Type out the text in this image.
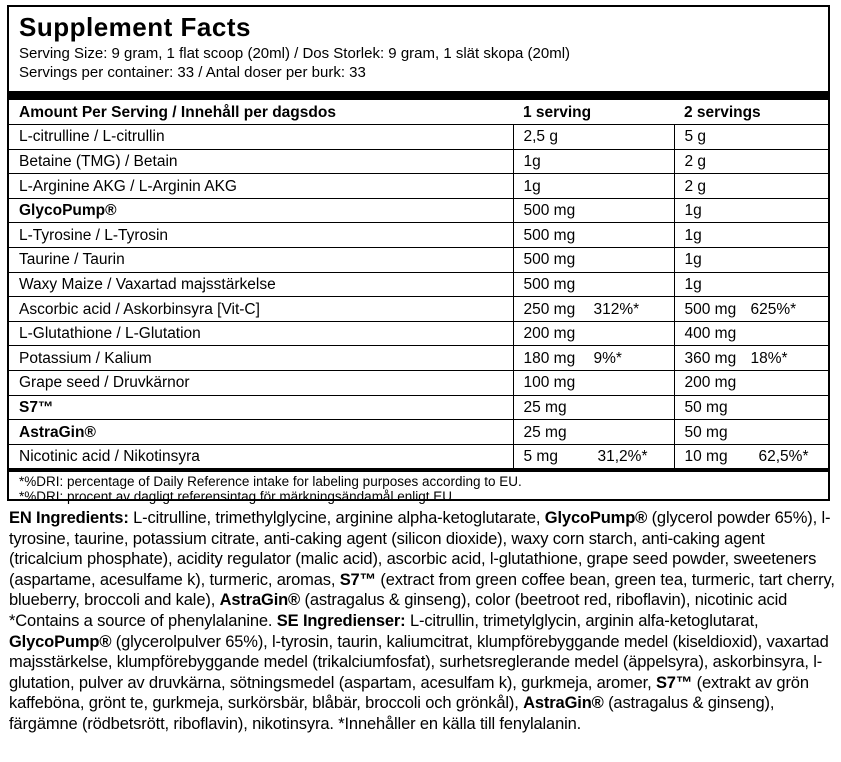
Supplement Facts
Serving Size: 9 gram, 1 flat scoop (20ml) / Dos Storlek: 9 gram, 1 slät skopa (20ml)
Servings per container: 33 / Antal doser per burk: 33
Amount Per Serving / Innehåll per dagsdos	1 serving	2 servings
L-citrulline / L-citrullin	2,5 g	5 g
Betaine (TMG) / Betain	1g	2 g
L-Arginine AKG / L-Arginin AKG	1g	2 g
GlycoPump®	500 mg	1g
L-Tyrosine / L-Tyrosin	500 mg	1g
Taurine / Taurin	500 mg	1g
Waxy Maize / Vaxartad majsstärkelse	500 mg	1g
Ascorbic acid / Askorbinsyra [Vit-C]	250 mg 312%*	500 mg 625%*
L-Glutathione / L-Glutation	200 mg	400 mg
Potassium / Kalium	180 mg 9%*	360 mg 18%*
Grape seed / Druvkärnor	100 mg	200 mg
S7™	25 mg	50 mg
AstraGin®	25 mg	50 mg
Nicotinic acid / Nikotinsyra	5 mg 31,2%*	10 mg 62,5%*
*%DRI: percentage of Daily Reference intake for labeling purposes according to EU.
*%DRI: procent av dagligt referensintag för märkningsändamål enligt EU.
EN Ingredients: L-citrulline, trimethylglycine, arginine alpha-ketoglutarate, GlycoPump® (glycerol powder 65%), l-tyrosine, taurine, potassium citrate, anti-caking agent (silicon dioxide), waxy corn starch, anti-caking agent (tricalcium phosphate), acidity regulator (malic acid), ascorbic acid, l-glutathione, grape seed powder, sweeteners (aspartame, acesulfame k), turmeric, aromas, S7™ (extract from green coffee bean, green tea, turmeric, tart cherry, blueberry, broccoli and kale), AstraGin® (astragalus & ginseng), color (beetroot red, riboflavin), nicotinic acid *Contains a source of phenylalanine. SE Ingredienser: L-citrullin, trimetylglycin, arginin alfa-ketoglutarat, GlycoPump® (glycerolpulver 65%), l-tyrosin, taurin, kaliumcitrat, klumpförebyggande medel (kiseldioxid), vaxartad majsstärkelse, klumpförebyggande medel (trikalciumfosfat), surhetsreglerande medel (äppelsyra), askorbinsyra, l-glutation, pulver av druvkärna, sötningsmedel (aspartam, acesulfam k), gurkmeja, aromer, S7™ (extrakt av grön kaffeböna, grönt te, gurkmeja, surkörsbär, blåbär, broccoli och grönkål), AstraGin® (astragalus & ginseng), färgämne (rödbetsrött, riboflavin), nikotinsyra. *Innehåller en källa till fenylalanin.
